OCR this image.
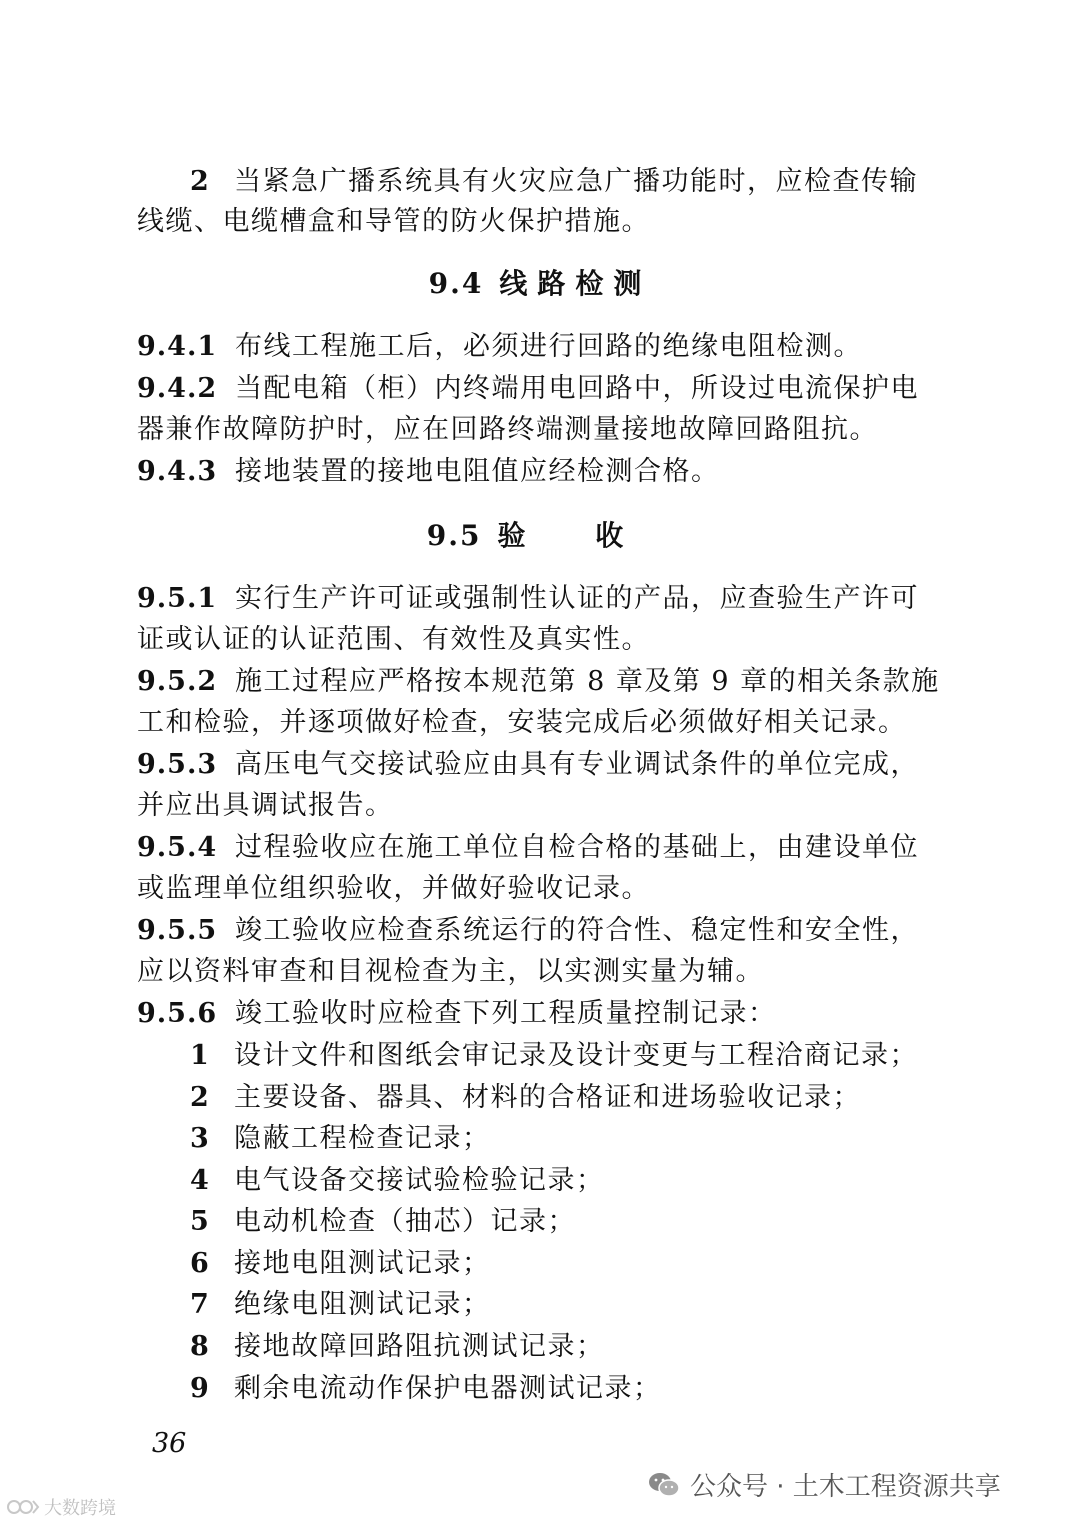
2 当紧急广播系统具有火灾应急广播功能时，应检查传输
线缆、电缆槽盒和导管的防火保护措施。
9.4 线路检测
9.4.1 布线工程施工后，必须进行回路的绝缘电阻检测。
9.4.2 当配电箱（柜）内终端用电回路中，所设过电流保护电
器兼作故障防护时，应在回路终端测量接地故障回路阻抗。
9.4.3 接地装置的接地电阻值应经检测合格。
9.5 验 收
9.5.1 实行生产许可证或强制性认证的产品，应查验生产许可
证或认证的认证范围、有效性及真实性。
9.5.2 施工过程应严格按本规范第 8 章及第 9 章的相关条款施
工和检验，并逐项做好检查，安装完成后必须做好相关记录。
9.5.3 高压电气交接试验应由具有专业调试条件的单位完成，
并应出具调试报告。
9.5.4 过程验收应在施工单位自检合格的基础上，由建设单位
或监理单位组织验收，并做好验收记录。
9.5.5 竣工验收应检查系统运行的符合性、稳定性和安全性，
应以资料审查和目视检查为主，以实测实量为辅。
9.5.6 竣工验收时应检查下列工程质量控制记录：
1 设计文件和图纸会审记录及设计变更与工程洽商记录；
2 主要设备、器具、材料的合格证和进场验收记录；
3 隐蔽工程检查记录；
4 电气设备交接试验检验记录；
5 电动机检查（抽芯）记录；
6 接地电阻测试记录；
7 绝缘电阻测试记录；
8 接地故障回路阻抗测试记录；
9 剩余电流动作保护电器测试记录；
36
公众号 · 土木工程资源共享
大数跨境
